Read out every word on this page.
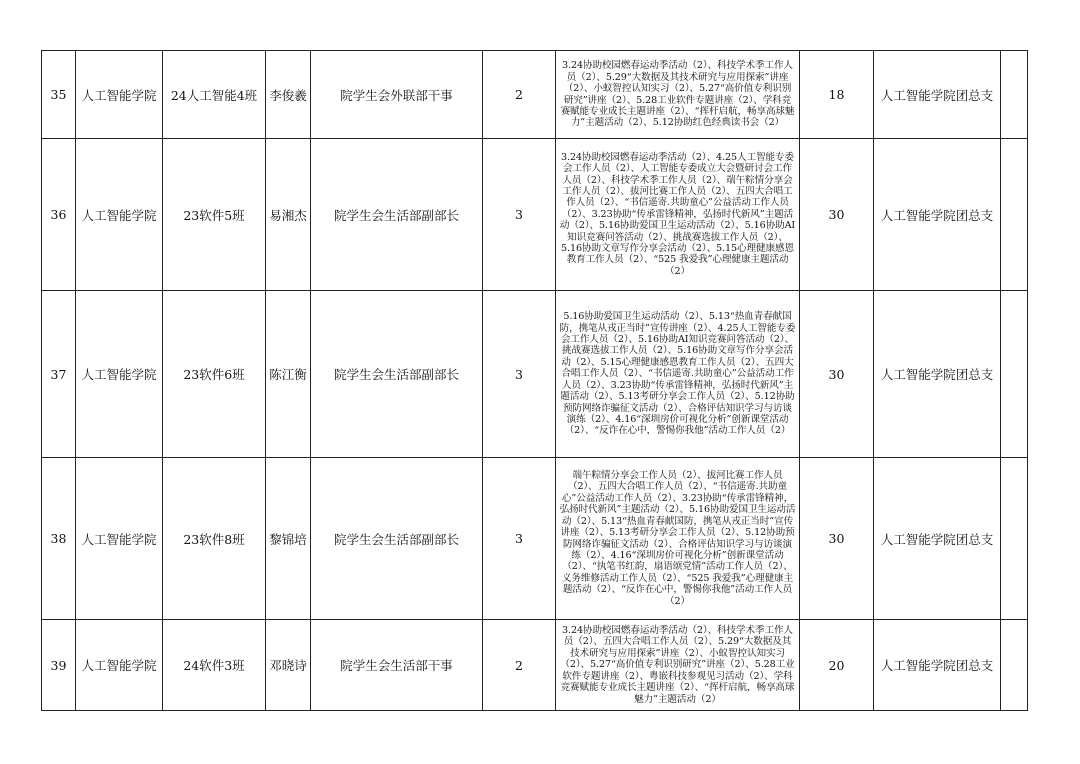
35	人工智能学院	24人工智能4班	李俊羲	院学生会外联部干事	2	3.24协助校园燃春运动季活动（2）、科技学术季工作人员（2）、5.29“大数据及其技术研究与应用探索”讲座（2）、小蚁智控认知实习（2）、5.27“高价值专利识别研究”讲座（2）、5.28工业软件专题讲座（2）、学科竞赛赋能专业成长主题讲座（2）、“挥杆启航，畅享高球魅力”主题活动（2）、5.12协助红色经典读书会（2）	18	人工智能学院团总支	
36	人工智能学院	23软件5班	易湘杰	院学生会生活部副部长	3	3.24协助校园燃春运动季活动（2）、4.25人工智能专委会工作人员（2）、人工智能专委成立大会暨研讨会工作人员（2）、科技学术季工作人员（2）、端午粽情分享会工作人员（2）、拔河比赛工作人员（2）、五四大合唱工作人员（2）、“书信遥寄.共助童心”公益活动工作人员（2）、3.23协助“传承雷锋精神，弘扬时代新风”主题活动（2）、5.16协助爱国卫生运动活动（2）、5.16协助AI知识竞赛问答活动（2）、挑战赛选拔工作人员（2）、5.16协助文章写作分享会活动（2）、5.15心理健康感恩教育工作人员（2）、“525 我爱我”心理健康主题活动（2）	30	人工智能学院团总支	
37	人工智能学院	23软件6班	陈江衡	院学生会生活部副部长	3	5.16协助爱国卫生运动活动（2）、5.13“热血青春献国防，携笔从戎正当时”宣传讲座（2）、4.25人工智能专委会工作人员（2）、5.16协助AI知识竞赛问答活动（2）、挑战赛选拔工作人员（2）、5.16协助文章写作分享会活动（2）、5.15心理健康感恩教育工作人员（2）、五四大合唱工作人员（2）、“书信遥寄.共助童心”公益活动工作人员（2）、3.23协助“传承雷锋精神，弘扬时代新风”主题活动（2）、5.13考研分享会工作人员（2）、5.12协助预防网络诈骗征文活动（2）、合格评估知识学习与访谈演练（2）、4.16“深圳房价可视化分析”创新课堂活动（2）、“反诈在心中，警惕你我他”活动工作人员（2）	30	人工智能学院团总支	
38	人工智能学院	23软件8班	黎锦培	院学生会生活部副部长	3	端午粽情分享会工作人员（2）、拔河比赛工作人员（2）、五四大合唱工作人员（2）、“书信遥寄.共助童心”公益活动工作人员（2）、3.23协助“传承雷锋精神，弘扬时代新风”主题活动（2）、5.16协助爱国卫生运动活动（2）、5.13“热血青春献国防，携笔从戎正当时”宣传讲座（2）、5.13考研分享会工作人员（2）、5.12协助预防网络诈骗征文活动（2）、合格评估知识学习与访谈演练（2）、4.16“深圳房价可视化分析”创新课堂活动（2）、“执笔书红韵，扇语颂党情”活动工作人员（2）、义务维修活动工作人员（2）、“525 我爱我”心理健康主题活动（2）、“反诈在心中，警惕你我他”活动工作人员（2）	30	人工智能学院团总支	
39	人工智能学院	24软件3班	邓晓诗	院学生会生活部干事	2	3.24协助校园燃春运动季活动（2）、科技学术季工作人员（2）、五四大合唱工作人员（2）、5.29“大数据及其技术研究与应用探索”讲座（2）、小蚁智控认知实习（2）、5.27“高价值专利识别研究”讲座（2）、5.28工业软件专题讲座（2）、粤嵌科技参观见习活动（2）、学科竞赛赋能专业成长主题讲座（2）、“挥杆启航，畅享高球魅力”主题活动（2）	20	人工智能学院团总支	
